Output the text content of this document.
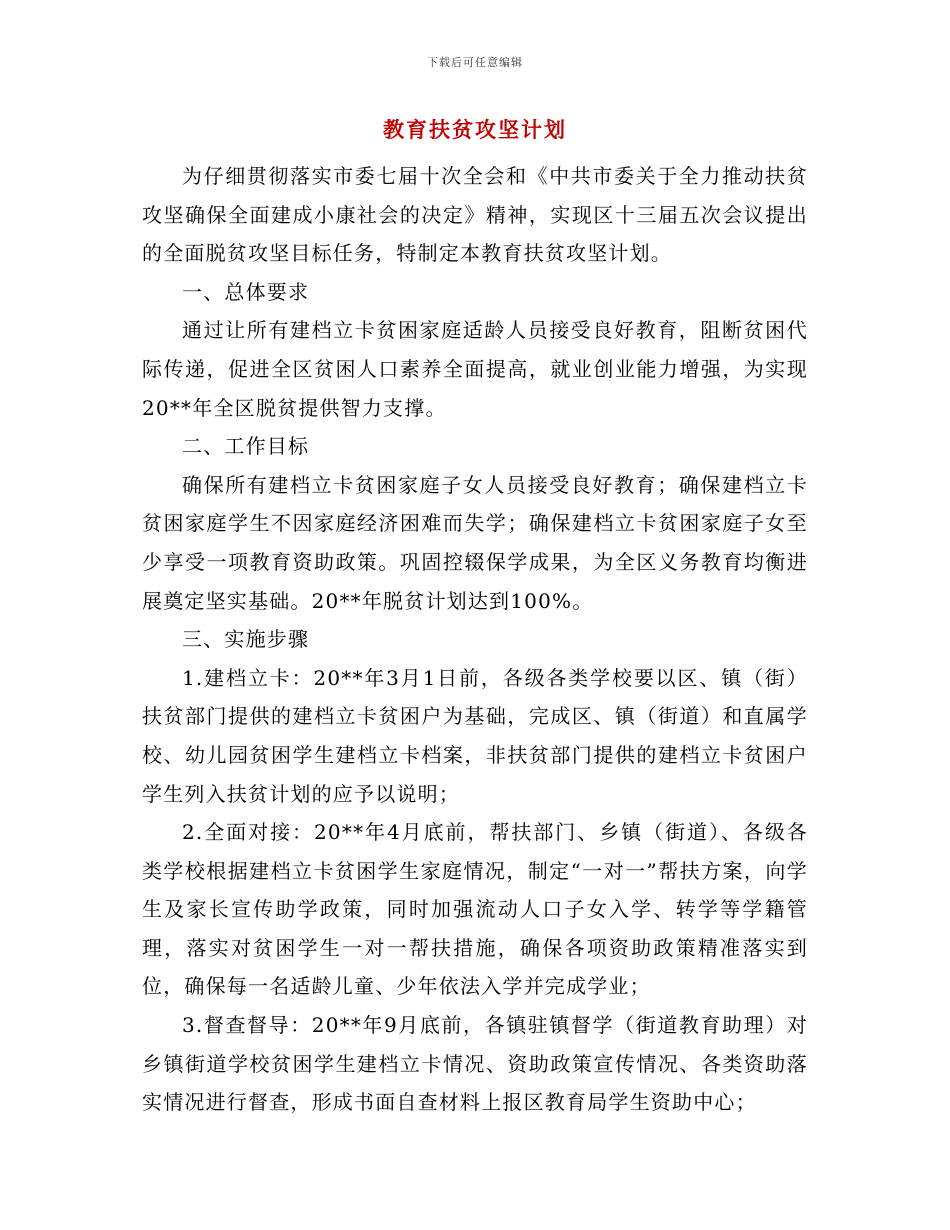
下载后可任意编辑
教育扶贫攻坚计划

为仔细贯彻落实市委七届十次全会和《中共市委关于全力推动扶贫攻坚确保全面建成小康社会的决定》精神，实现区十三届五次会议提出的全面脱贫攻坚目标任务，特制定本教育扶贫攻坚计划。

一、总体要求

通过让所有建档立卡贫困家庭适龄人员接受良好教育，阻断贫困代际传递，促进全区贫困人口素养全面提高，就业创业能力增强，为实现20**年全区脱贫提供智力支撑。

二、工作目标

确保所有建档立卡贫困家庭子女人员接受良好教育；确保建档立卡贫困家庭学生不因家庭经济困难而失学；确保建档立卡贫困家庭子女至少享受一项教育资助政策。巩固控辍保学成果，为全区义务教育均衡进展奠定坚实基础。20**年脱贫计划达到100%。

三、实施步骤

1.建档立卡：20**年3月1日前，各级各类学校要以区、镇（街）扶贫部门提供的建档立卡贫困户为基础，完成区、镇（街道）和直属学校、幼儿园贫困学生建档立卡档案，非扶贫部门提供的建档立卡贫困户学生列入扶贫计划的应予以说明；

2.全面对接：20**年4月底前，帮扶部门、乡镇（街道）、各级各类学校根据建档立卡贫困学生家庭情况，制定“一对一”帮扶方案，向学生及家长宣传助学政策，同时加强流动人口子女入学、转学等学籍管理，落实对贫困学生一对一帮扶措施，确保各项资助政策精准落实到位，确保每一名适龄儿童、少年依法入学并完成学业；

3.督查督导：20**年9月底前，各镇驻镇督学（街道教育助理）对乡镇街道学校贫困学生建档立卡情况、资助政策宣传情况、各类资助落实情况进行督查，形成书面自查材料上报区教育局学生资助中心；
